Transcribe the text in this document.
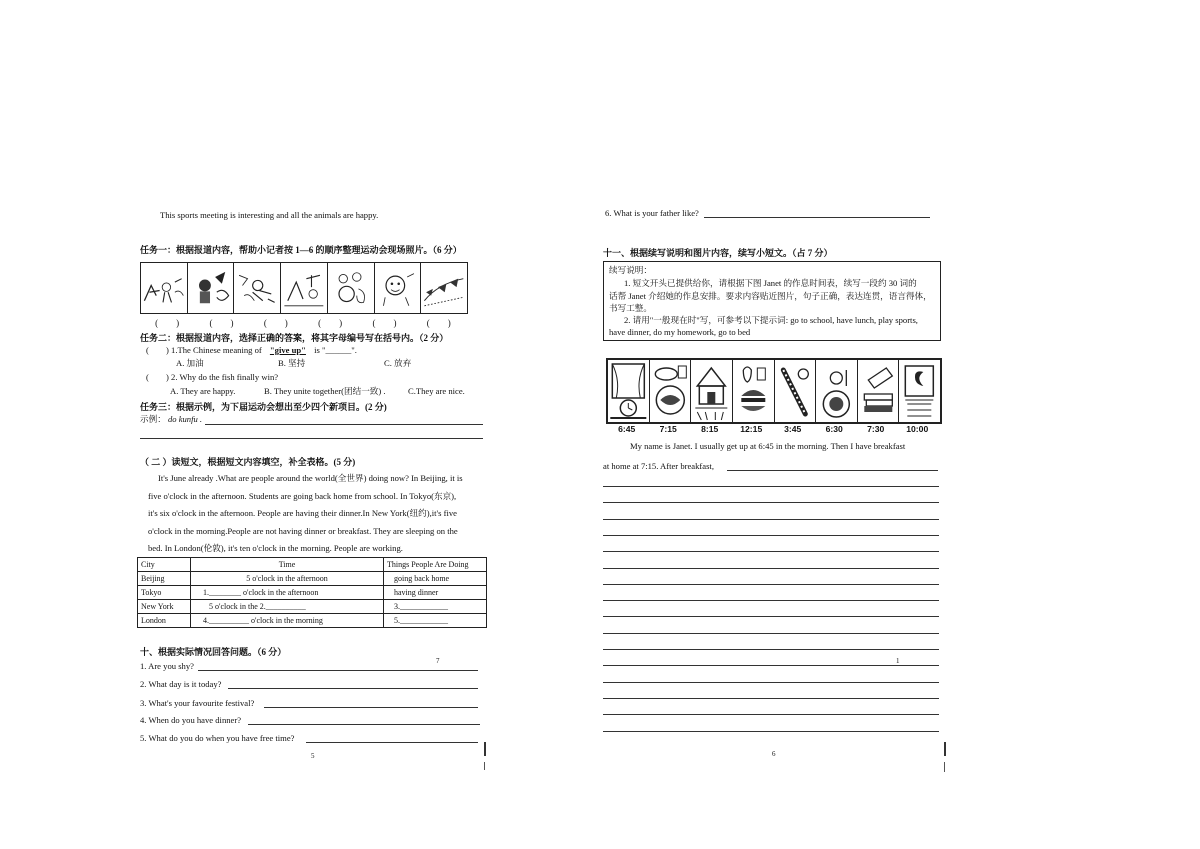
This sports meeting is interesting and all the animals are happy.
任务一：根据报道内容，帮助小记者按 1—6 的顺序整理运动会现场照片。（6 分）
(　　)	(　　)	(　　)	(　　)	(　　)	(　　)
任务二：根据报道内容，选择正确的答案，将其字母编号写在括号内。（2 分）
(　　) 1.The Chinese meaning of "give up" is "______".
A. 加油	B. 坚持	C. 放弃
(　　) 2. Why do the fish finally win?
A. They are happy.	B. They unite together(团结一致) .	C.They are nice.
任务三：根据示例，为下届运动会想出至少四个新项目。(2 分)
示例： do kunfu .
（ 二 ）读短文，根据短文内容填空，补全表格。(5 分)
It's June already .What are people around the world(全世界) doing now? In Beijing, it is
five o'clock in the afternoon. Students are going back home from school. In Tokyo(东京),
it's six o'clock in the afternoon. People are having their dinner.In New York(纽约),it's five
o'clock in the morning.People are not having dinner or breakfast. They are sleeping on the
bed. In London(伦敦), it's ten o'clock in the morning. People are working.
City	Time	Things People Are Doing
Beijing	5 o'clock in the afternoon	going back home
Tokyo	1.________ o'clock in the afternoon	having dinner
New York	5 o'clock in the 2.__________	3.____________
London	4.__________ o'clock in the morning	5.____________
十、根据实际情况回答问题。（6 分）
7
1. Are you shy?
2. What day is it today?
3. What's your favourite festival?
4. When do you have dinner?
5. What do you do when you have free time?
5
6. What is your father like?
十一、根据续写说明和图片内容，续写小短文。（占 7 分）
续写说明：
1. 短文开头已提供给你，请根据下图 Janet 的作息时间表，续写一段约 30 词的
话帮 Janet 介绍她的作息安排。要求内容贴近图片，句子正确，表达连贯，语言得体，
书写工整。
2. 请用"一般现在时"写，可参考以下提示词: go to school, have lunch, play sports,
have dinner, do my homework, go to bed
6:45	7:15	8:15	12:15	3:45	6:30	7:30	10:00
My name is Janet. I usually get up at 6:45 in the morning. Then I have breakfast
at home at 7:15. After breakfast,
1
6
